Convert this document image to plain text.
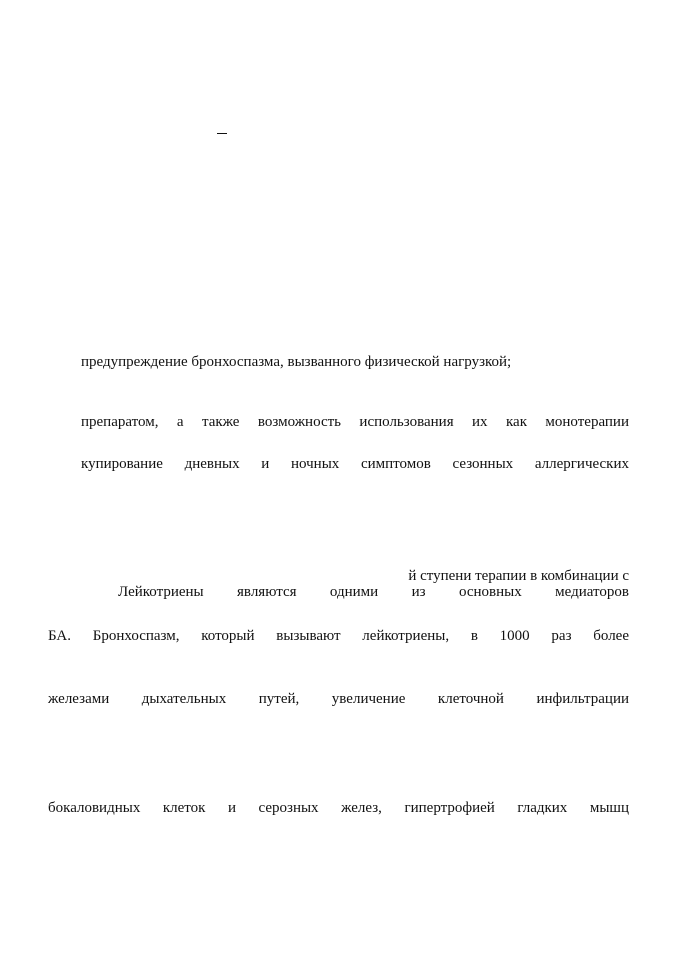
предупреждение бронхоспазма, вызванного физической нагрузкой;
препаратом, а также возможность использования их как монотерапии
купирование дневных и ночных симптомов сезонных аллергических
й ступени терапии в комбинации с
Лейкотриены являются одними из основных медиаторов
БА. Бронхоспазм, который вызывают лейкотриены, в 1000 раз более
железами дыхательных путей, увеличение клеточной инфильтрации
бокаловидных клеток и серозных желез, гипертрофией гладких мышц
